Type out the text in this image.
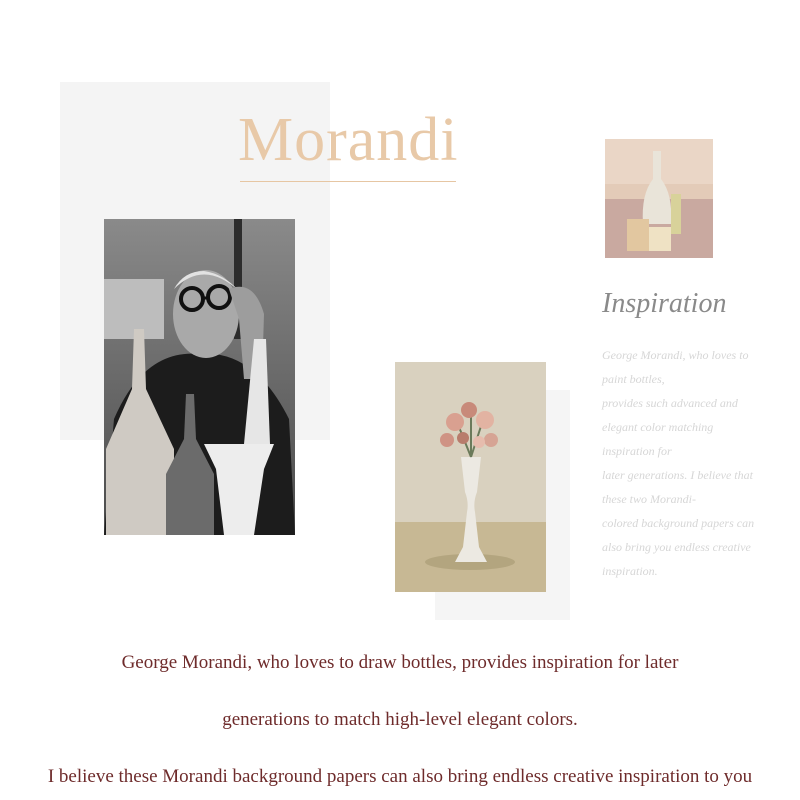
Morandi
Inspiration
George Morandi, who loves to
paint bottles,
provides such advanced and
elegant color matching
inspiration for
later generations. I believe that
these two Morandi-
colored background papers can
also bring you endless creative
inspiration.
George Morandi, who loves to draw bottles, provides inspiration for later
generations to match high-level elegant colors.
I believe these Morandi background papers can also bring endless creative inspiration to you
